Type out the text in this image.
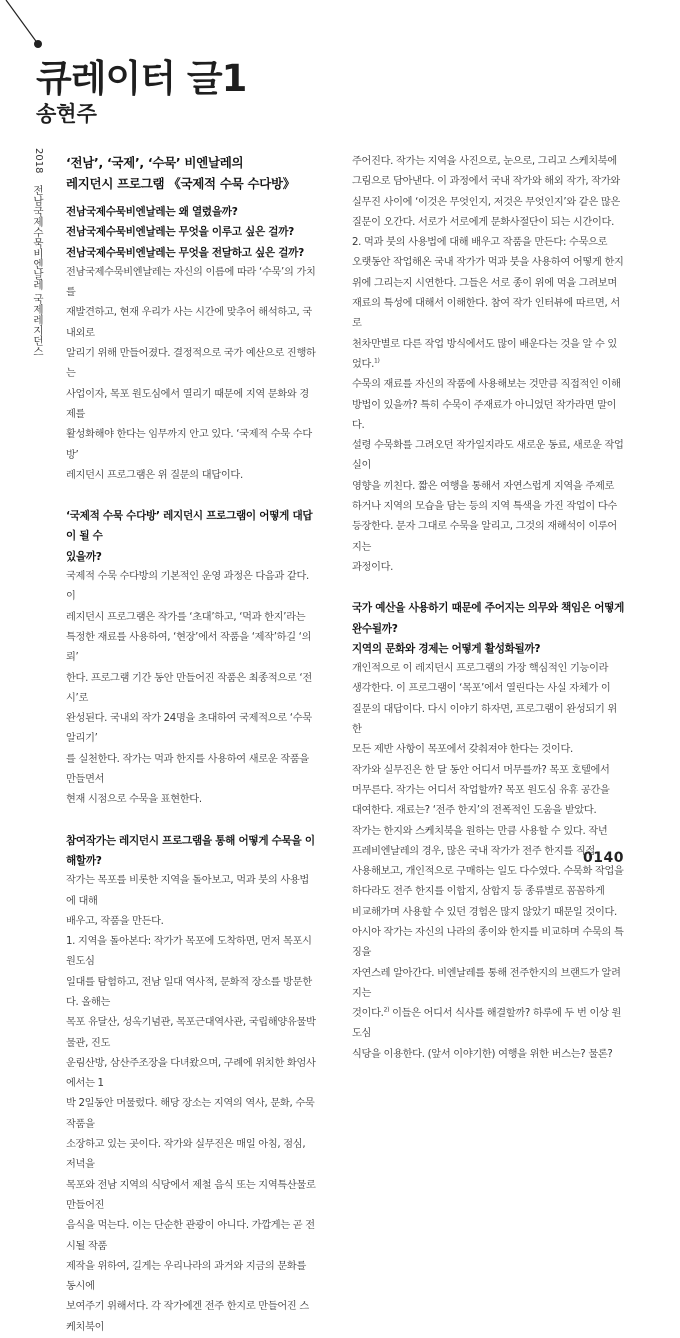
큐레이터 글1
송현주
2018 전남국제수묵비엔날레 국제레지던스
‘전남’, ‘국제’, ‘수묵’ 비엔날레의
레지던시 프로그램 《국제적 수묵 수다방》

전남국제수묵비엔날레는 왜 열렸을까?

전남국제수묵비엔날레는 무엇을 이루고 싶은 걸까?

전남국제수묵비엔날레는 무엇을 전달하고 싶은 걸까?

전남국제수묵비엔날레는 자신의 이름에 따라 ‘수묵’의 가치를

재발견하고, 현재 우리가 사는 시간에 맞추어 해석하고, 국내외로

알리기 위해 만들어졌다. 결정적으로 국가 예산으로 진행하는

사업이자, 목포 원도심에서 열리기 때문에 지역 문화와 경제를

활성화해야 한다는 임무까지 안고 있다. ‘국제적 수묵 수다방’

레지던시 프로그램은 위 질문의 대답이다.

‘국제적 수묵 수다방’ 레지던시 프로그램이 어떻게 대답이 될 수

있을까?

국제적 수묵 수다방의 기본적인 운영 과정은 다음과 같다. 이

레지던시 프로그램은 작가를 ‘초대’하고, ‘먹과 한지’라는

특정한 재료를 사용하여, ‘현장’에서 작품을 ‘제작’하길 ‘의뢰’

한다. 프로그램 기간 동안 만들어진 작품은 최종적으로 ‘전시’로

완성된다. 국내외 작가 24명을 초대하여 국제적으로 ‘수묵 알리기’

를 실천한다. 작가는 먹과 한지를 사용하여 새로운 작품을 만들면서

현재 시점으로 수묵을 표현한다.

참여작가는 레지던시 프로그램을 통해 어떻게 수묵을 이해할까?

작가는 목포를 비롯한 지역을 돌아보고, 먹과 붓의 사용법에 대해

배우고, 작품을 만든다.

1. 지역을 돌아본다: 작가가 목포에 도착하면, 먼저 목포시 원도심

일대를 탐험하고, 전남 일대 역사적, 문화적 장소를 방문한다. 올해는

목포 유달산, 성옥기념관, 목포근대역사관, 국립해양유물박물관, 진도

운림산방, 삼산주조장을 다녀왔으며, 구례에 위치한 화엄사에서는 1

박 2일동안 머물렀다. 해당 장소는 지역의 역사, 문화, 수묵 작품을

소장하고 있는 곳이다. 작가와 실무진은 매일 아침, 점심, 저녁을

목포와 전남 지역의 식당에서 제철 음식 또는 지역특산물로 만들어진

음식을 먹는다. 이는 단순한 관광이 아니다. 가깝게는 곧 전시될 작품

제작을 위하여, 길게는 우리나라의 과거와 지금의 문화를 동시에

보여주기 위해서다. 각 작가에겐 전주 한지로 만들어진 스케치북이

주어진다. 작가는 지역을 사진으로, 눈으로, 그리고 스케치북에

그림으로 담아낸다. 이 과정에서 국내 작가와 해외 작가, 작가와

실무진 사이에 ‘이것은 무엇인지, 저것은 무엇인지’와 같은 많은

질문이 오간다. 서로가 서로에게 문화사절단이 되는 시간이다.

2. 먹과 붓의 사용법에 대해 배우고 작품을 만든다: 수묵으로

오랫동안 작업해온 국내 작가가 먹과 붓을 사용하여 어떻게 한지

위에 그리는지 시연한다. 그들은 서로 종이 위에 먹을 그려보며

재료의 특성에 대해서 이해한다. 참여 작가 인터뷰에 따르면, 서로

천차만별로 다른 작업 방식에서도 많이 배운다는 것을 알 수 있었다.$^{1)}$

수묵의 재료를 자신의 작품에 사용해보는 것만큼 직접적인 이해

방법이 있을까? 특히 수묵이 주재료가 아니었던 작가라면 말이다.

설령 수묵화를 그려오던 작가일지라도 새로운 동료, 새로운 작업실이

영향을 끼친다. 짧은 여행을 통해서 자연스럽게 지역을 주제로

하거나 지역의 모습을 담는 등의 지역 특색을 가진 작업이 다수

등장한다. 문자 그대로 수묵을 알리고, 그것의 재해석이 이루어지는

과정이다.

국가 예산을 사용하기 때문에 주어지는 의무와 책임은 어떻게

완수될까?

지역의 문화와 경제는 어떻게 활성화될까?

개인적으로 이 레지던시 프로그램의 가장 핵심적인 기능이라

생각한다. 이 프로그램이 ‘목포’에서 열린다는 사실 자체가 이

질문의 대답이다. 다시 이야기 하자면, 프로그램이 완성되기 위한

모든 제반 사항이 목포에서 갖춰져야 한다는 것이다.

작가와 실무진은 한 달 동안 어디서 머무를까? 목포 호텔에서

머무른다. 작가는 어디서 작업할까? 목포 원도심 유휴 공간을

대여한다. 재료는? ‘전주 한지’의 전폭적인 도움을 받았다.

작가는 한지와 스케치북을 원하는 만큼 사용할 수 있다. 작년

프레비엔날레의 경우, 많은 국내 작가가 전주 한지를 직접

사용해보고, 개인적으로 구매하는 일도 다수였다. 수묵화 작업을

하다라도 전주 한지를 이합지, 삼합지 등 종류별로 꼼꼼하게

비교해가며 사용할 수 있던 경험은 많지 않았기 때문일 것이다.

아시아 작가는 자신의 나라의 종이와 한지를 비교하며 수묵의 특징을

자연스레 알아간다. 비엔날레를 통해 전주한지의 브랜드가 알려지는

것이다.$^{2)}$ 이들은 어디서 식사를 해결할까? 하루에 두 번 이상 원도심

식당을 이용한다. (앞서 이야기한) 여행을 위한 버스는? 물론?

0140
